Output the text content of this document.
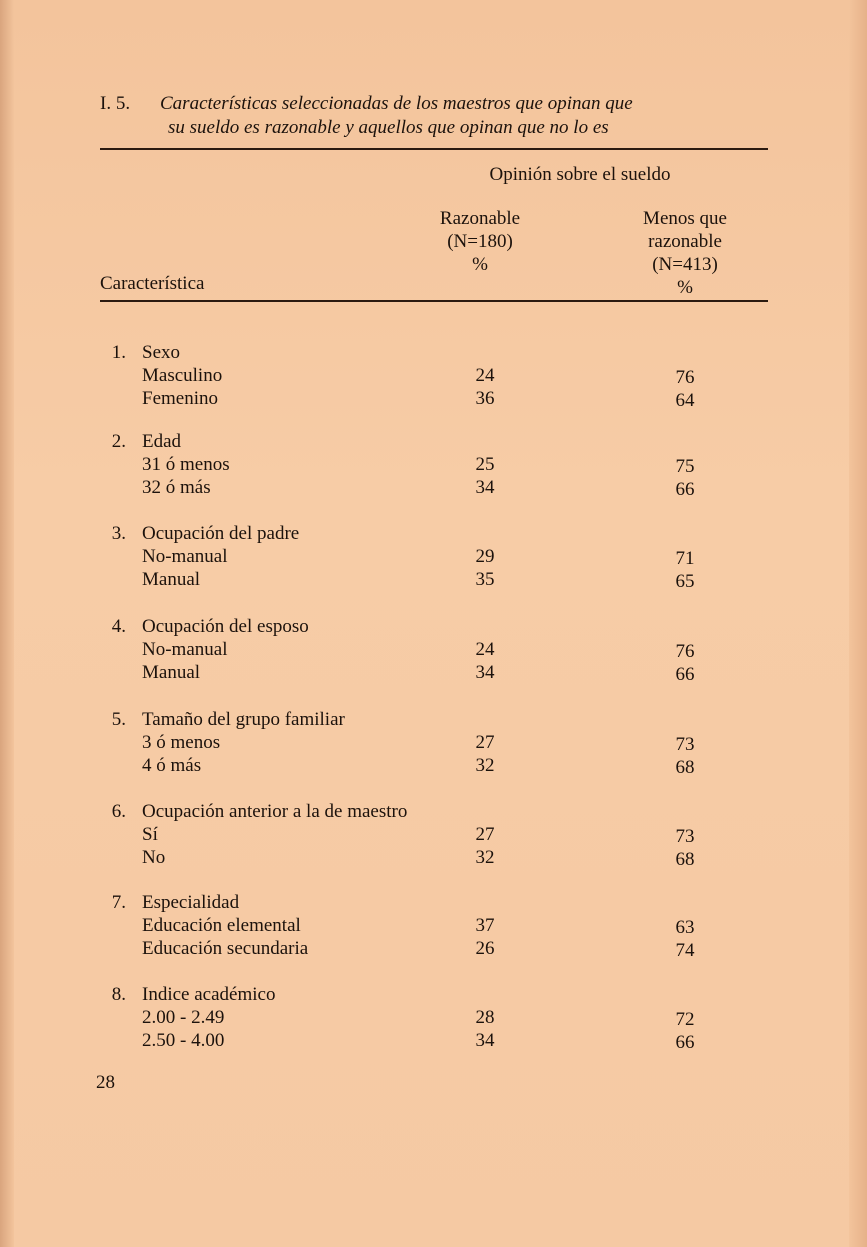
I. 5. Características seleccionadas de los maestros que opinan que
su sueldo es razonable y aquellos que opinan que no lo es
Opinión sobre el sueldo
Razonable
(N=180)
%
Menos que
razonable
(N=413)
%
Característica
1. Sexo
Masculino	24	76
Femenino	36	64
2. Edad
31 ó menos	25	75
32 ó más	34	66
3. Ocupación del padre
No-manual	29	71
Manual	35	65
4. Ocupación del esposo
No-manual	24	76
Manual	34	66
5. Tamaño del grupo familiar
3 ó menos	27	73
4 ó más	32	68
6. Ocupación anterior a la de maestro
Sí	27	73
No	32	68
7. Especialidad
Educación elemental	37	63
Educación secundaria	26	74
8. Indice académico
2.00 - 2.49	28	72
2.50 - 4.00	34	66
28
